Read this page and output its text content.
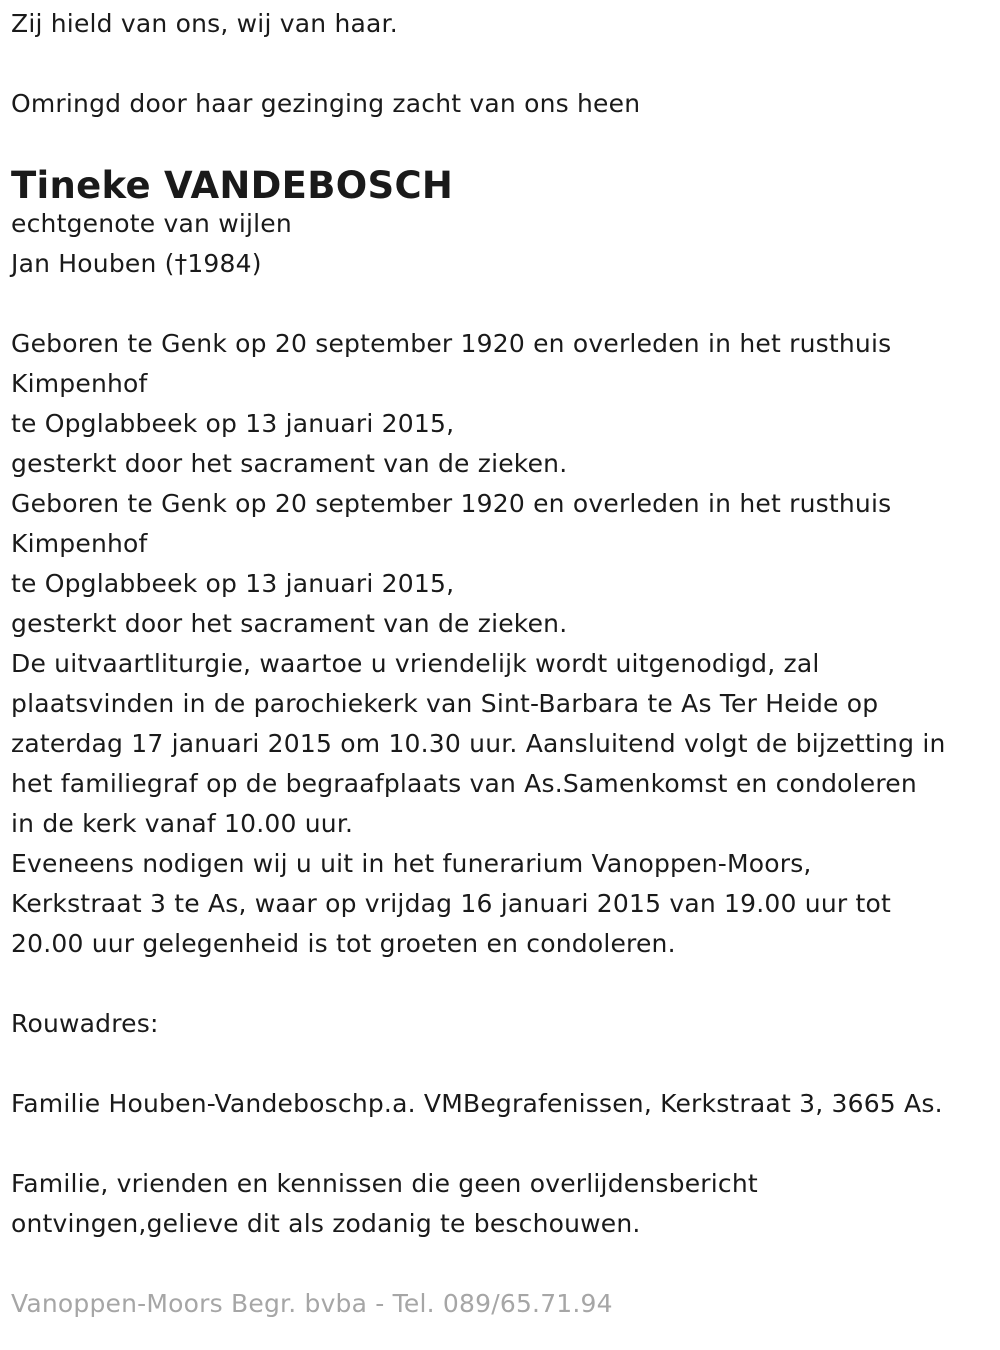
Zij hield van ons, wij van haar.
Omringd door haar gezinging zacht van ons heen
Tineke VANDEBOSCH
echtgenote van wijlen
Jan Houben (†1984)
Geboren te Genk op 20 september 1920 en overleden in het rusthuis
Kimpenhof
te Opglabbeek op 13 januari 2015,
gesterkt door het sacrament van de zieken.
Geboren te Genk op 20 september 1920 en overleden in het rusthuis
Kimpenhof
te Opglabbeek op 13 januari 2015,
gesterkt door het sacrament van de zieken.
De uitvaartliturgie, waartoe u vriendelijk wordt uitgenodigd, zal
plaatsvinden in de parochiekerk van Sint-Barbara te As Ter Heide op
zaterdag 17 januari 2015 om 10.30 uur. Aansluitend volgt de bijzetting in
het familiegraf op de begraafplaats van As.Samenkomst en condoleren
in de kerk vanaf 10.00 uur.
Eveneens nodigen wij u uit in het funerarium Vanoppen-Moors,
Kerkstraat 3 te As, waar op vrijdag 16 januari 2015 van 19.00 uur tot
20.00 uur gelegenheid is tot groeten en condoleren.
Rouwadres:
Familie Houben-Vandeboschp.a. VMBegrafenissen, Kerkstraat 3, 3665 As.
Familie, vrienden en kennissen die geen overlijdensbericht
ontvingen,gelieve dit als zodanig te beschouwen.
Vanoppen-Moors Begr. bvba - Tel. 089/65.71.94
